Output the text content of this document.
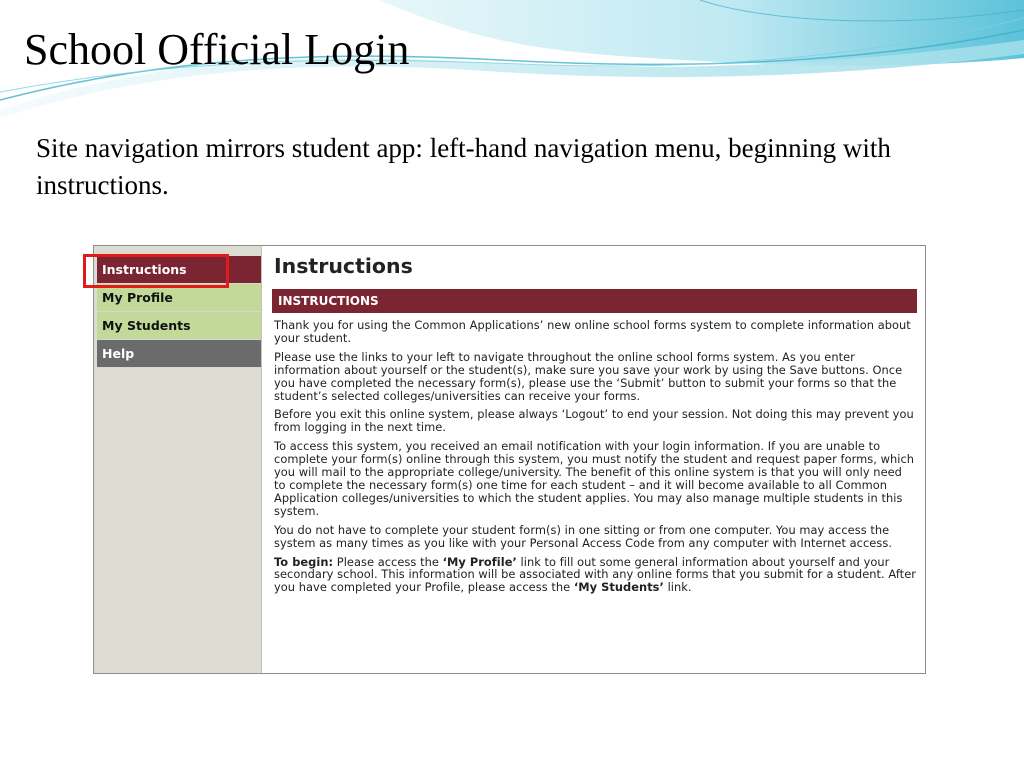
School Official Login

Site navigation mirrors student app: left-hand navigation menu, beginning with instructions.

Instructions
My Profile
My Students
Help
Instructions
INSTRUCTIONS

Thank you for using the Common Applications’ new online school forms system to complete information about your student.

Please use the links to your left to navigate throughout the online school forms system. As you enter information about yourself or the student(s), make sure you save your work by using the Save buttons. Once you have completed the necessary form(s), please use the ‘Submit’ button to submit your forms so that the student’s selected colleges/universities can receive your forms.

Before you exit this online system, please always ‘Logout’ to end your session. Not doing this may prevent you from logging in the next time.

To access this system, you received an email notification with your login information. If you are unable to complete your form(s) online through this system, you must notify the student and request paper forms, which you will mail to the appropriate college/university. The benefit of this online system is that you will only need to complete the necessary form(s) one time for each student – and it will become available to all Common Application colleges/universities to which the student applies. You may also manage multiple students in this system.

You do not have to complete your student form(s) in one sitting or from one computer. You may access the system as many times as you like with your Personal Access Code from any computer with Internet access.

To begin: Please access the ‘My Profile’ link to fill out some general information about yourself and your secondary school. This information will be associated with any online forms that you submit for a student. After you have completed your Profile, please access the ‘My Students’ link.
